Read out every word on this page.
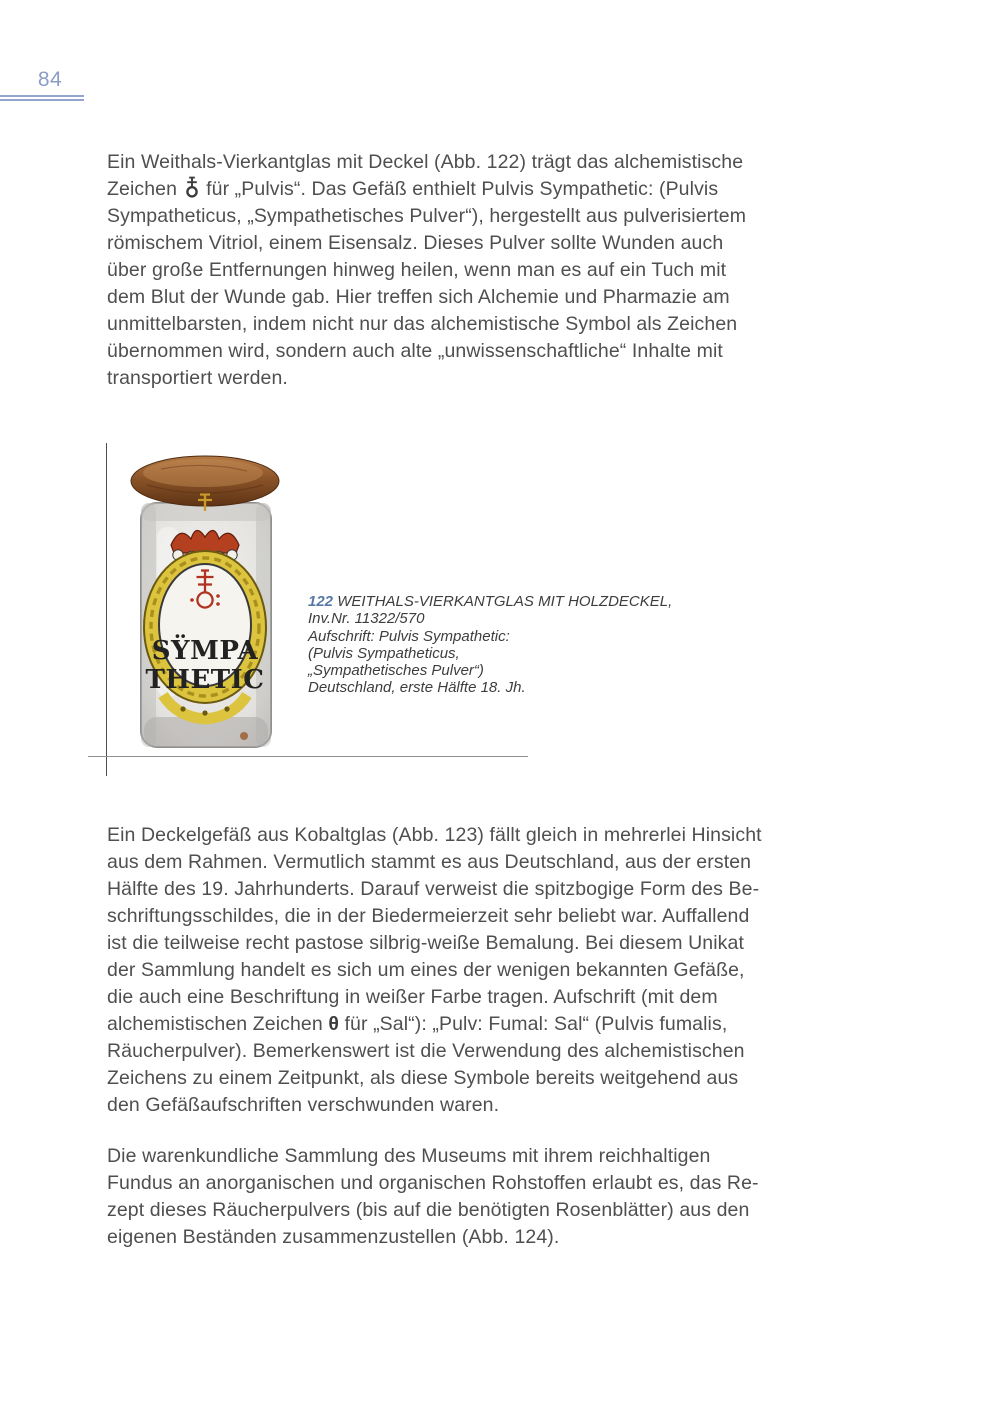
84
Ein Weithals-Vierkantglas mit Deckel (Abb. 122) trägt das alchemistische
Zeichen  für „Pulvis“. Das Gefäß enthielt Pulvis Sympathetic: (Pulvis
Sympatheticus, „Sympathetisches Pulver“), hergestellt aus pulverisiertem
römischem Vitriol, einem Eisensalz. Dieses Pulver sollte Wunden auch
über große Entfernungen hinweg heilen, wenn man es auf ein Tuch mit
dem Blut der Wunde gab. Hier treffen sich Alchemie und Pharmazie am
unmittelbarsten, indem nicht nur das alchemistische Symbol als Zeichen
übernommen wird, sondern auch alte „unwissenschaftliche“ Inhalte mit
transportiert werden.
SŸMPA
THETIC
122 WEITHALS-VIERKANTGLAS MIT HOLZDECKEL,
Inv.Nr. 11322/570
Aufschrift: Pulvis Sympathetic:
(Pulvis Sympatheticus,
„Sympathetisches Pulver“)
Deutschland, erste Hälfte 18. Jh.
Ein Deckelgefäß aus Kobaltglas (Abb. 123) fällt gleich in mehrerlei Hinsicht
aus dem Rahmen. Vermutlich stammt es aus Deutschland, aus der ersten
Hälfte des 19. Jahrhunderts. Darauf verweist die spitzbogige Form des Be-
schriftungsschildes, die in der Biedermeierzeit sehr beliebt war. Auffallend
ist die teilweise recht pastose silbrig-weiße Bemalung. Bei diesem Unikat
der Sammlung handelt es sich um eines der wenigen bekannten Gefäße,
die auch eine Beschriftung in weißer Farbe tragen. Aufschrift (mit dem
alchemistischen Zeichen θ für „Sal“): „Pulv: Fumal: Sal“ (Pulvis fumalis,
Räucherpulver). Bemerkenswert ist die Verwendung des alchemistischen
Zeichens zu einem Zeitpunkt, als diese Symbole bereits weitgehend aus
den Gefäßaufschriften verschwunden waren.
Die warenkundliche Sammlung des Museums mit ihrem reichhaltigen
Fundus an anorganischen und organischen Rohstoffen erlaubt es, das Re-
zept dieses Räucherpulvers (bis auf die benötigten Rosenblätter) aus den
eigenen Beständen zusammenzustellen (Abb. 124).
